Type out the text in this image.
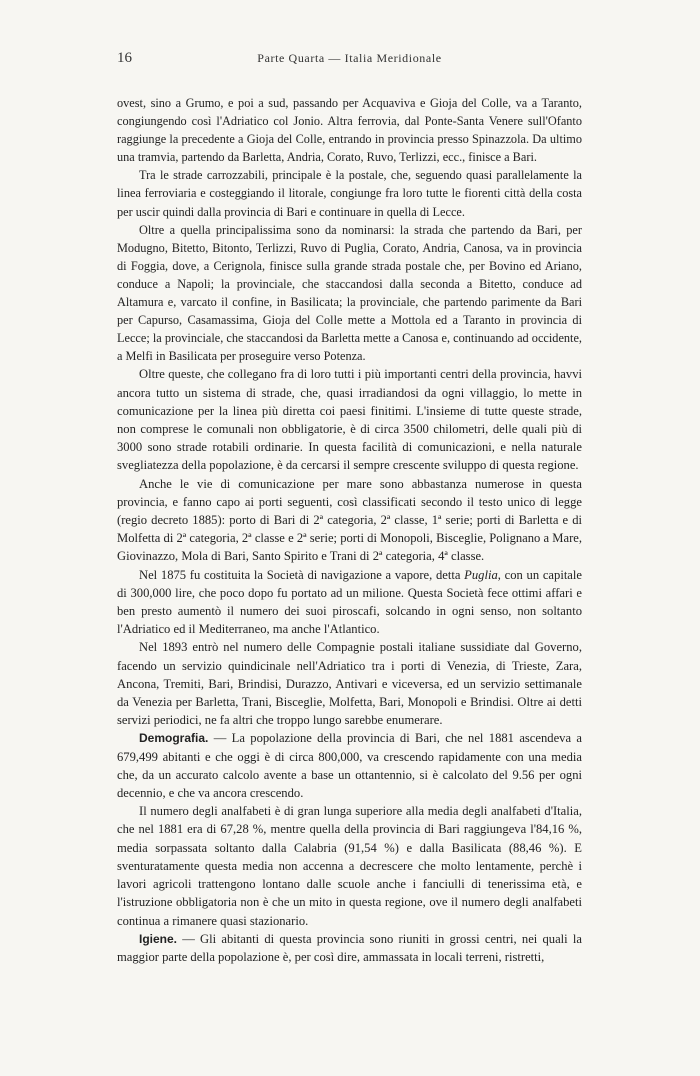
16	Parte Quarta — Italia Meridionale

ovest, sino a Grumo, e poi a sud, passando per Acquaviva e Gioja del Colle, va a Taranto, congiungendo così l'Adriatico col Jonio. Altra ferrovia, dal Ponte-Santa Venere sull'Ofanto raggiunge la precedente a Gioja del Colle, entrando in provincia presso Spinazzola. Da ultimo una tramvia, partendo da Barletta, Andria, Corato, Ruvo, Terlizzi, ecc., finisce a Bari.

Tra le strade carrozzabili, principale è la postale, che, seguendo quasi parallelamente la linea ferroviaria e costeggiando il litorale, congiunge fra loro tutte le fiorenti città della costa per uscir quindi dalla provincia di Bari e continuare in quella di Lecce.

Oltre a quella principalissima sono da nominarsi: la strada che partendo da Bari, per Modugno, Bitetto, Bitonto, Terlizzi, Ruvo di Puglia, Corato, Andria, Canosa, va in provincia di Foggia, dove, a Cerignola, finisce sulla grande strada postale che, per Bovino ed Ariano, conduce a Napoli; la provinciale, che staccandosi dalla seconda a Bitetto, conduce ad Altamura e, varcato il confine, in Basilicata; la provinciale, che partendo parimente da Bari per Capurso, Casamassima, Gioja del Colle mette a Mottola ed a Taranto in provincia di Lecce; la provinciale, che staccandosi da Barletta mette a Canosa e, continuando ad occidente, a Melfi in Basilicata per proseguire verso Potenza.

Oltre queste, che collegano fra di loro tutti i più importanti centri della provincia, havvi ancora tutto un sistema di strade, che, quasi irradiandosi da ogni villaggio, lo mette in comunicazione per la linea più diretta coi paesi finitimi. L'insieme di tutte queste strade, non comprese le comunali non obbligatorie, è di circa 3500 chilometri, delle quali più di 3000 sono strade rotabili ordinarie. In questa facilità di comunicazioni, e nella naturale svegliatezza della popolazione, è da cercarsi il sempre crescente sviluppo di questa regione.

Anche le vie di comunicazione per mare sono abbastanza numerose in questa provincia, e fanno capo ai porti seguenti, così classificati secondo il testo unico di legge (regio decreto 1885): porto di Bari di 2ª categoria, 2ª classe, 1ª serie; porti di Barletta e di Molfetta di 2ª categoria, 2ª classe e 2ª serie; porti di Monopoli, Bisceglie, Polignano a Mare, Giovinazzo, Mola di Bari, Santo Spirito e Trani di 2ª categoria, 4ª classe.

Nel 1875 fu costituita la Società di navigazione a vapore, detta Puglia, con un capitale di 300,000 lire, che poco dopo fu portato ad un milione. Questa Società fece ottimi affari e ben presto aumentò il numero dei suoi piroscafi, solcando in ogni senso, non soltanto l'Adriatico ed il Mediterraneo, ma anche l'Atlantico.

Nel 1893 entrò nel numero delle Compagnie postali italiane sussidiate dal Governo, facendo un servizio quindicinale nell'Adriatico tra i porti di Venezia, di Trieste, Zara, Ancona, Tremiti, Bari, Brindisi, Durazzo, Antivari e viceversa, ed un servizio settimanale da Venezia per Barletta, Trani, Bisceglie, Molfetta, Bari, Monopoli e Brindisi. Oltre ai detti servizi periodici, ne fa altri che troppo lungo sarebbe enumerare.

Demografia. — La popolazione della provincia di Bari, che nel 1881 ascendeva a 679,499 abitanti e che oggi è di circa 800,000, va crescendo rapidamente con una media che, da un accurato calcolo avente a base un ottantennio, si è calcolato del 9.56 per ogni decennio, e che va ancora crescendo.

Il numero degli analfabeti è di gran lunga superiore alla media degli analfabeti d'Italia, che nel 1881 era di 67,28 %, mentre quella della provincia di Bari raggiungeva l'84,16 %, media sorpassata soltanto dalla Calabria (91,54 %) e dalla Basilicata (88,46 %). E sventuratamente questa media non accenna a decrescere che molto lentamente, perchè i lavori agricoli trattengono lontano dalle scuole anche i fanciulli di tenerissima età, e l'istruzione obbligatoria non è che un mito in questa regione, ove il numero degli analfabeti continua a rimanere quasi stazionario.

Igiene. — Gli abitanti di questa provincia sono riuniti in grossi centri, nei quali la maggior parte della popolazione è, per così dire, ammassata in locali terreni, ristretti,
